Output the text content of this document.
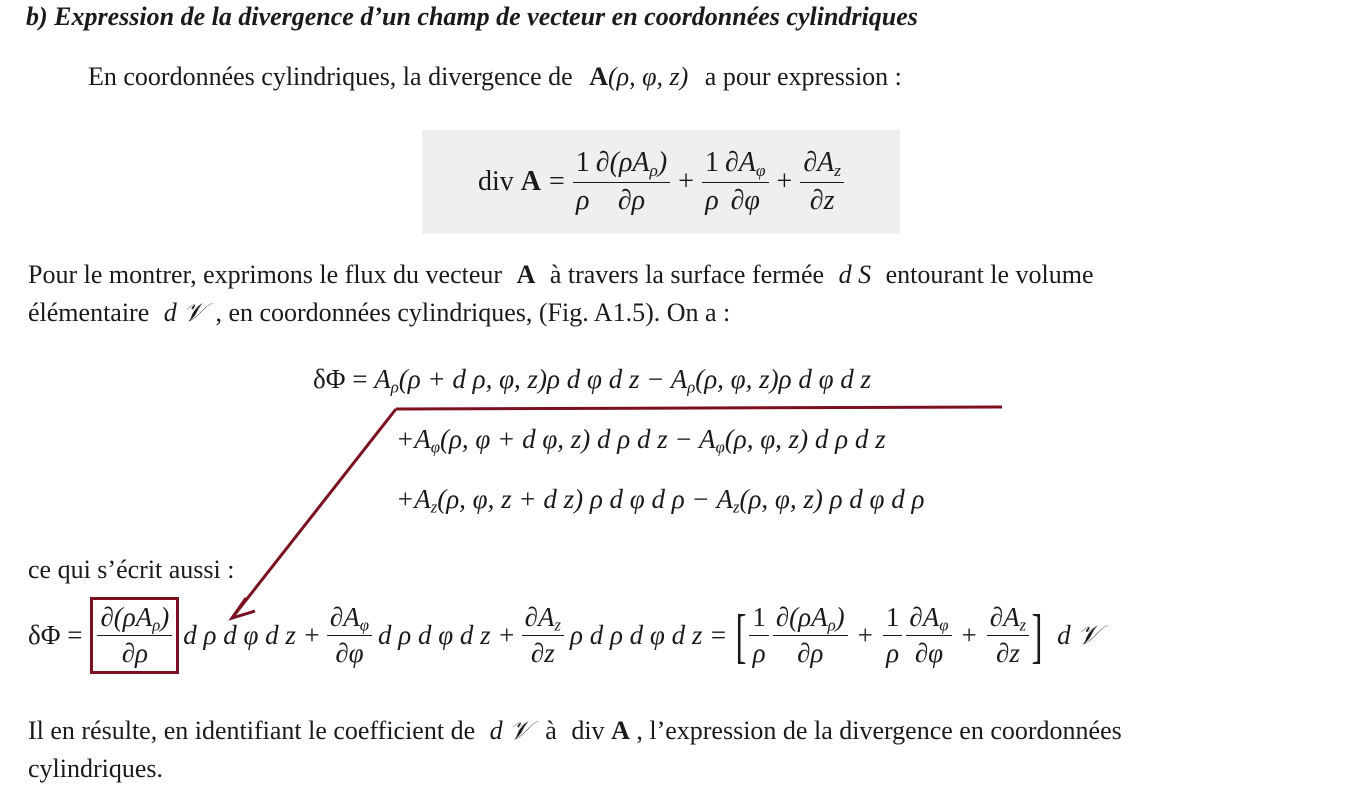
b) Expression de la divergence d’un champ de vecteur en coordonnées cylindriques
En coordonnées cylindriques, la divergence de A(ρ, φ, z) a pour expression :
div
$A = \frac{1}{\rho} \frac{\partial(\rho A_\rho)}{\partial\rho} + \frac{1}{\rho} \frac{\partial A_\varphi}{\partial\varphi} + \frac{\partial A_z}{\partial z}$
Pour le montrer, exprimons le flux du vecteur A à travers la surface fermée d S entourant le volume
élémentaire d 𝒱 , en coordonnées cylindriques, (Fig. A1.5). On a :
$\delta\Phi = A_\rho(\rho + d$ ρ, φ, z)ρ d φ d $z - A_\rho(\rho$, φ, z)ρ d φ d z
$+A_\varphi(\rho$, φ + d φ, z) d ρ d $z - A_\varphi(\rho$, φ, z) d ρ d z
$+A_z(\rho$, φ, z + d z) ρ d φ d $\rho - A_z(\rho$, φ, z) ρ d φ d ρ
ce qui s’écrit aussi :
$\delta\Phi = \frac{\partial(\rho A_\rho)}{\partial\rho}$ d ρ d φ d $z + \frac{\partial A_\varphi}{\partial\varphi}$ d ρ d φ d $z + \frac{\partial A_z}{\partial z}$ ρ d ρ d φ d z = [ $\frac{1}{\rho} \frac{\partial(\rho A_\rho)}{\partial\rho} + \frac{1}{\rho} \frac{\partial A_\varphi}{\partial\varphi} + \frac{\partial A_z}{\partial z}$ ] d 𝒱
Il en résulte, en identifiant le coefficient de d 𝒱 à div A , l’expression de la divergence en coordonnées
cylindriques.
